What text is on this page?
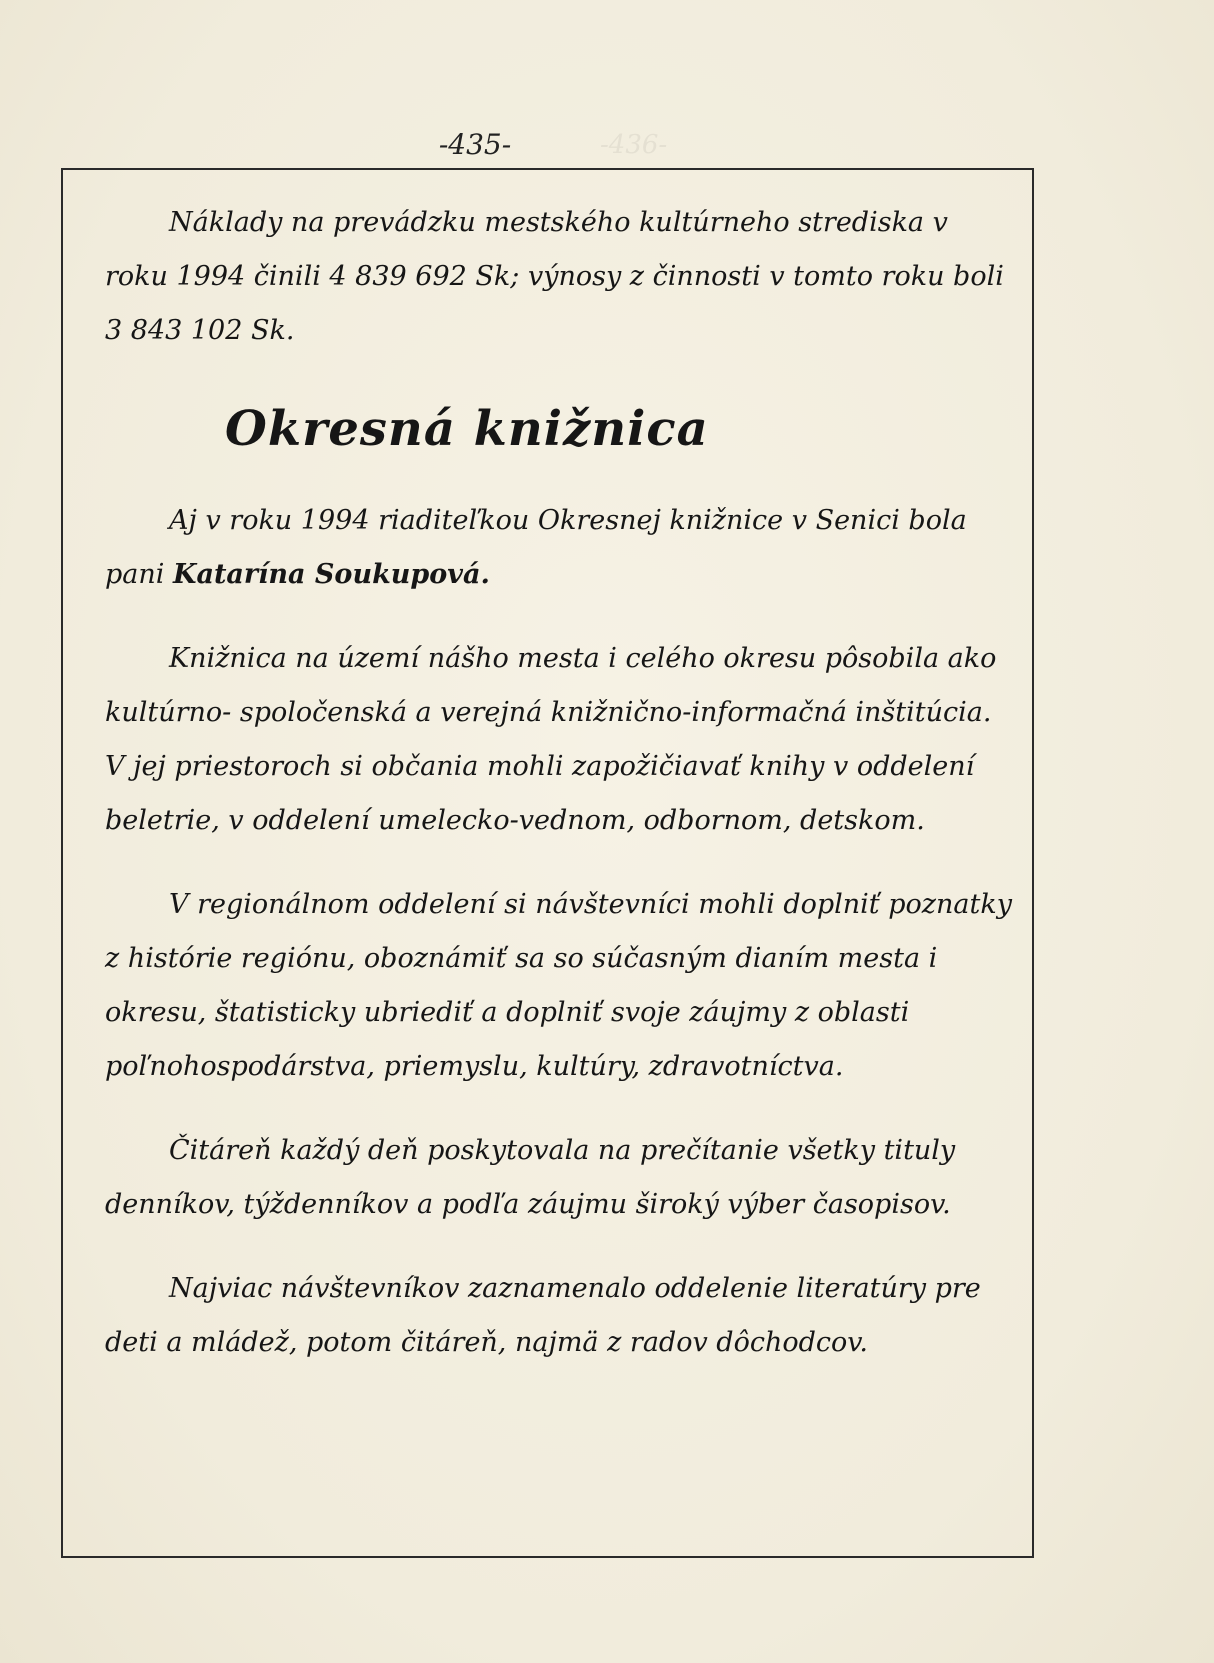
-436-
-435-

Náklady na prevádzku mestského kultúrneho strediska v roku 1994 činili 4 839 692 Sk; výnosy z činnosti v tomto roku boli 3 843 102 Sk.

Okresná knižnica

Aj v roku 1994 riaditeľkou Okresnej knižnice v Senici bola pani Katarína Soukupová.

Knižnica na území nášho mesta i celého okresu pôsobila ako kultúrno- spoločenská a verejná knižnično-informačná inštitúcia. V jej priestoroch si občania mohli zapožičiavať knihy v oddelení beletrie, v oddelení umelecko-vednom, odbornom, detskom.

V regionálnom oddelení si návštevníci mohli doplniť poznatky z histórie regiónu, oboznámiť sa so súčasným dianím mesta i okresu, štatisticky ubriediť a doplniť svoje záujmy z oblasti poľnohospodárstva, priemyslu, kultúry, zdravotníctva.

Čitáreň každý deň poskytovala na prečítanie všetky tituly denníkov, týždenníkov a podľa záujmu široký výber časopisov.

Najviac návštevníkov zaznamenalo oddelenie literatúry pre deti a mládež, potom čitáreň, najmä z radov dôchodcov.
